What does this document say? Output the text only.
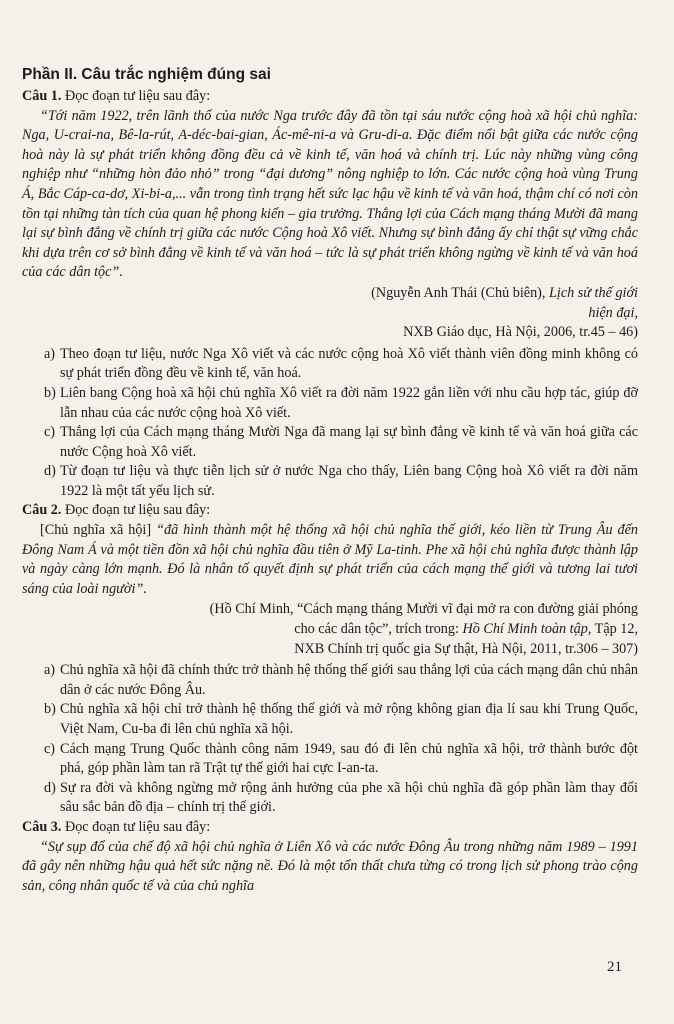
Phần II. Câu trắc nghiệm đúng sai

Câu 1. Đọc đoạn tư liệu sau đây:

“Tới năm 1922, trên lãnh thổ của nước Nga trước đây đã tồn tại sáu nước cộng hoà xã hội chủ nghĩa: Nga, U-crai-na, Bê-la-rút, A-déc-bai-gian, Ác-mê-ni-a và Gru-di-a. Đặc điểm nổi bật giữa các nước cộng hoà này là sự phát triển không đồng đều cả về kinh tế, văn hoá và chính trị. Lúc này những vùng công nghiệp như “những hòn đảo nhỏ” trong “đại dương” nông nghiệp to lớn. Các nước cộng hoà vùng Trung Á, Bắc Cáp-ca-dơ, Xi-bi-a,... vẫn trong tình trạng hết sức lạc hậu về kinh tế và văn hoá, thậm chí có nơi còn tồn tại những tàn tích của quan hệ phong kiến – gia trưởng. Thắng lợi của Cách mạng tháng Mười đã mang lại sự bình đẳng về chính trị giữa các nước Cộng hoà Xô viết. Nhưng sự bình đẳng ấy chỉ thật sự vững chắc khi dựa trên cơ sở bình đẳng về kinh tế và văn hoá – tức là sự phát triển không ngừng về kinh tế và văn hoá của các dân tộc”.

(Nguyễn Anh Thái (Chủ biên), Lịch sử thế giới hiện đại,
NXB Giáo dục, Hà Nội, 2006, tr.45 – 46)
a) Theo đoạn tư liệu, nước Nga Xô viết và các nước cộng hoà Xô viết thành viên đồng minh không có sự phát triển đồng đều về kinh tế, văn hoá.
b) Liên bang Cộng hoà xã hội chủ nghĩa Xô viết ra đời năm 1922 gắn liền với nhu cầu hợp tác, giúp đỡ lẫn nhau của các nước cộng hoà Xô viết.
c) Thắng lợi của Cách mạng tháng Mười Nga đã mang lại sự bình đẳng về kinh tế và văn hoá giữa các nước Cộng hoà Xô viết.
d) Từ đoạn tư liệu và thực tiễn lịch sử ở nước Nga cho thấy, Liên bang Cộng hoà Xô viết ra đời năm 1922 là một tất yếu lịch sử.

Câu 2. Đọc đoạn tư liệu sau đây:

[Chủ nghĩa xã hội] “đã hình thành một hệ thống xã hội chủ nghĩa thế giới, kéo liền từ Trung Âu đến Đông Nam Á và một tiền đồn xã hội chủ nghĩa đầu tiên ở Mỹ La-tinh. Phe xã hội chủ nghĩa được thành lập và ngày càng lớn mạnh. Đó là nhân tố quyết định sự phát triển của cách mạng thế giới và tương lai tươi sáng của loài người”.

(Hồ Chí Minh, “Cách mạng tháng Mười vĩ đại mở ra con đường giải phóng
cho các dân tộc”, trích trong: Hồ Chí Minh toàn tập, Tập 12,
NXB Chính trị quốc gia Sự thật, Hà Nội, 2011, tr.306 – 307)
a) Chủ nghĩa xã hội đã chính thức trở thành hệ thống thế giới sau thắng lợi của cách mạng dân chủ nhân dân ở các nước Đông Âu.
b) Chủ nghĩa xã hội chỉ trở thành hệ thống thế giới và mở rộng không gian địa lí sau khi Trung Quốc, Việt Nam, Cu-ba đi lên chủ nghĩa xã hội.
c) Cách mạng Trung Quốc thành công năm 1949, sau đó đi lên chủ nghĩa xã hội, trở thành bước đột phá, góp phần làm tan rã Trật tự thế giới hai cực I-an-ta.
d) Sự ra đời và không ngừng mở rộng ảnh hưởng của phe xã hội chủ nghĩa đã góp phần làm thay đổi sâu sắc bản đồ địa – chính trị thế giới.

Câu 3. Đọc đoạn tư liệu sau đây:

“Sự sụp đổ của chế độ xã hội chủ nghĩa ở Liên Xô và các nước Đông Âu trong những năm 1989 – 1991 đã gây nên những hậu quả hết sức nặng nề. Đó là một tổn thất chưa từng có trong lịch sử phong trào cộng sản, công nhân quốc tế và của chủ nghĩa

21
